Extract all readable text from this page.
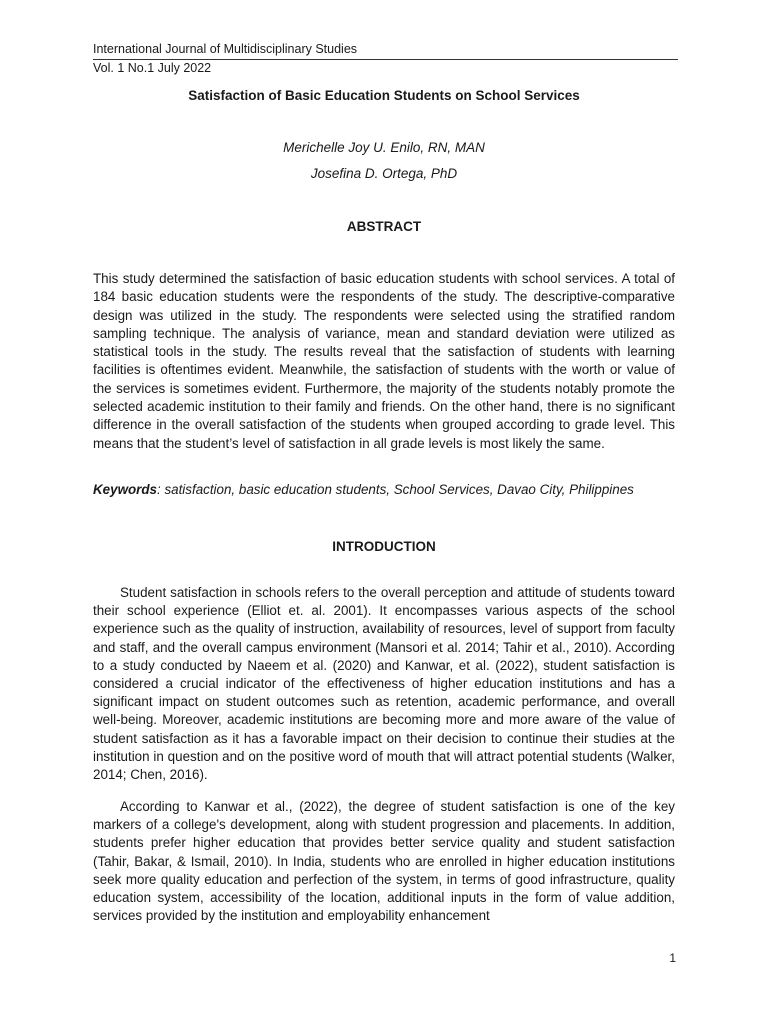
International Journal of Multidisciplinary Studies
Vol. 1 No.1 July 2022
Satisfaction of Basic Education Students on School Services
Merichelle Joy U. Enilo, RN, MAN
Josefina D. Ortega, PhD
ABSTRACT

This study determined the satisfaction of basic education students with school services. A total of 184 basic education students were the respondents of the study. The descriptive-comparative design was utilized in the study. The respondents were selected using the stratified random sampling technique. The analysis of variance, mean and standard deviation were utilized as statistical tools in the study. The results reveal that the satisfaction of students with learning facilities is oftentimes evident. Meanwhile, the satisfaction of students with the worth or value of the services is sometimes evident. Furthermore, the majority of the students notably promote the selected academic institution to their family and friends. On the other hand, there is no significant difference in the overall satisfaction of the students when grouped according to grade level. This means that the student’s level of satisfaction in all grade levels is most likely the same.

Keywords: satisfaction, basic education students, School Services, Davao City, Philippines

INTRODUCTION

Student satisfaction in schools refers to the overall perception and attitude of students toward their school experience (Elliot et. al. 2001). It encompasses various aspects of the school experience such as the quality of instruction, availability of resources, level of support from faculty and staff, and the overall campus environment (Mansori et al. 2014; Tahir et al., 2010). According to a study conducted by Naeem et al. (2020) and Kanwar, et al. (2022), student satisfaction is considered a crucial indicator of the effectiveness of higher education institutions and has a significant impact on student outcomes such as retention, academic performance, and overall well-being. Moreover, academic institutions are becoming more and more aware of the value of student satisfaction as it has a favorable impact on their decision to continue their studies at the institution in question and on the positive word of mouth that will attract potential students (Walker, 2014; Chen, 2016).

According to Kanwar et al., (2022), the degree of student satisfaction is one of the key markers of a college's development, along with student progression and placements. In addition, students prefer higher education that provides better service quality and student satisfaction (Tahir, Bakar, & Ismail, 2010). In India, students who are enrolled in higher education institutions seek more quality education and perfection of the system, in terms of good infrastructure, quality education system, accessibility of the location, additional inputs in the form of value addition, services provided by the institution and employability enhancement

1
